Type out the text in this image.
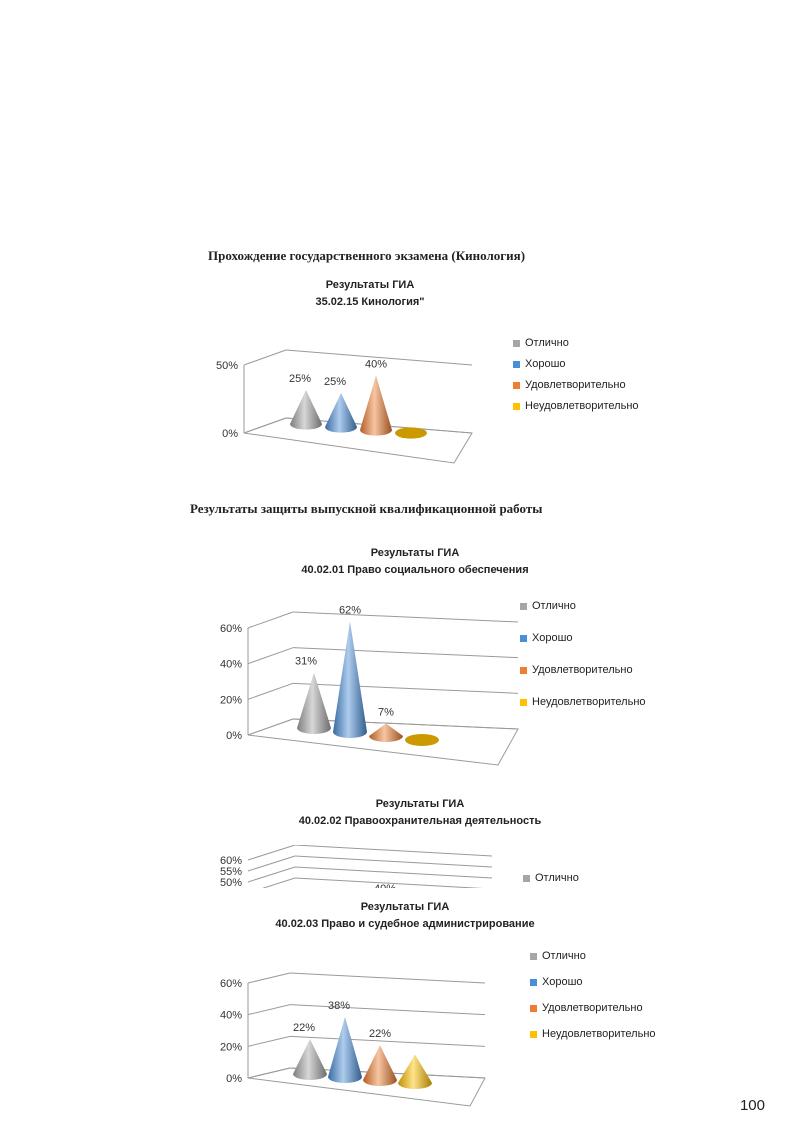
Прохождение государственного экзамена (Кинология)
Результаты защиты выпускной квалификационной работы
Результаты ГИА
35.02.15 Кинология"
0%
50%
25% 25%
40%
Отлично
Хорошо
Удовлетворительно
Неудовлетворительно
Результаты ГИА
40.02.01 Право социального обеспечения
0%
20%
40%
60%
31%
62%
7%
Отлично
Хорошо
Удовлетворительно
Неудовлетворительно
Результаты ГИА
40.02.02 Правоохранительная деятельность
60%
55%
50%	40%
Отлично
Результаты ГИА
40.02.03 Право и судебное администрирование
0%
20%
40%
60%
22%
38%
22%
Отлично
Хорошо
Удовлетворительно
Неудовлетворительно
100
